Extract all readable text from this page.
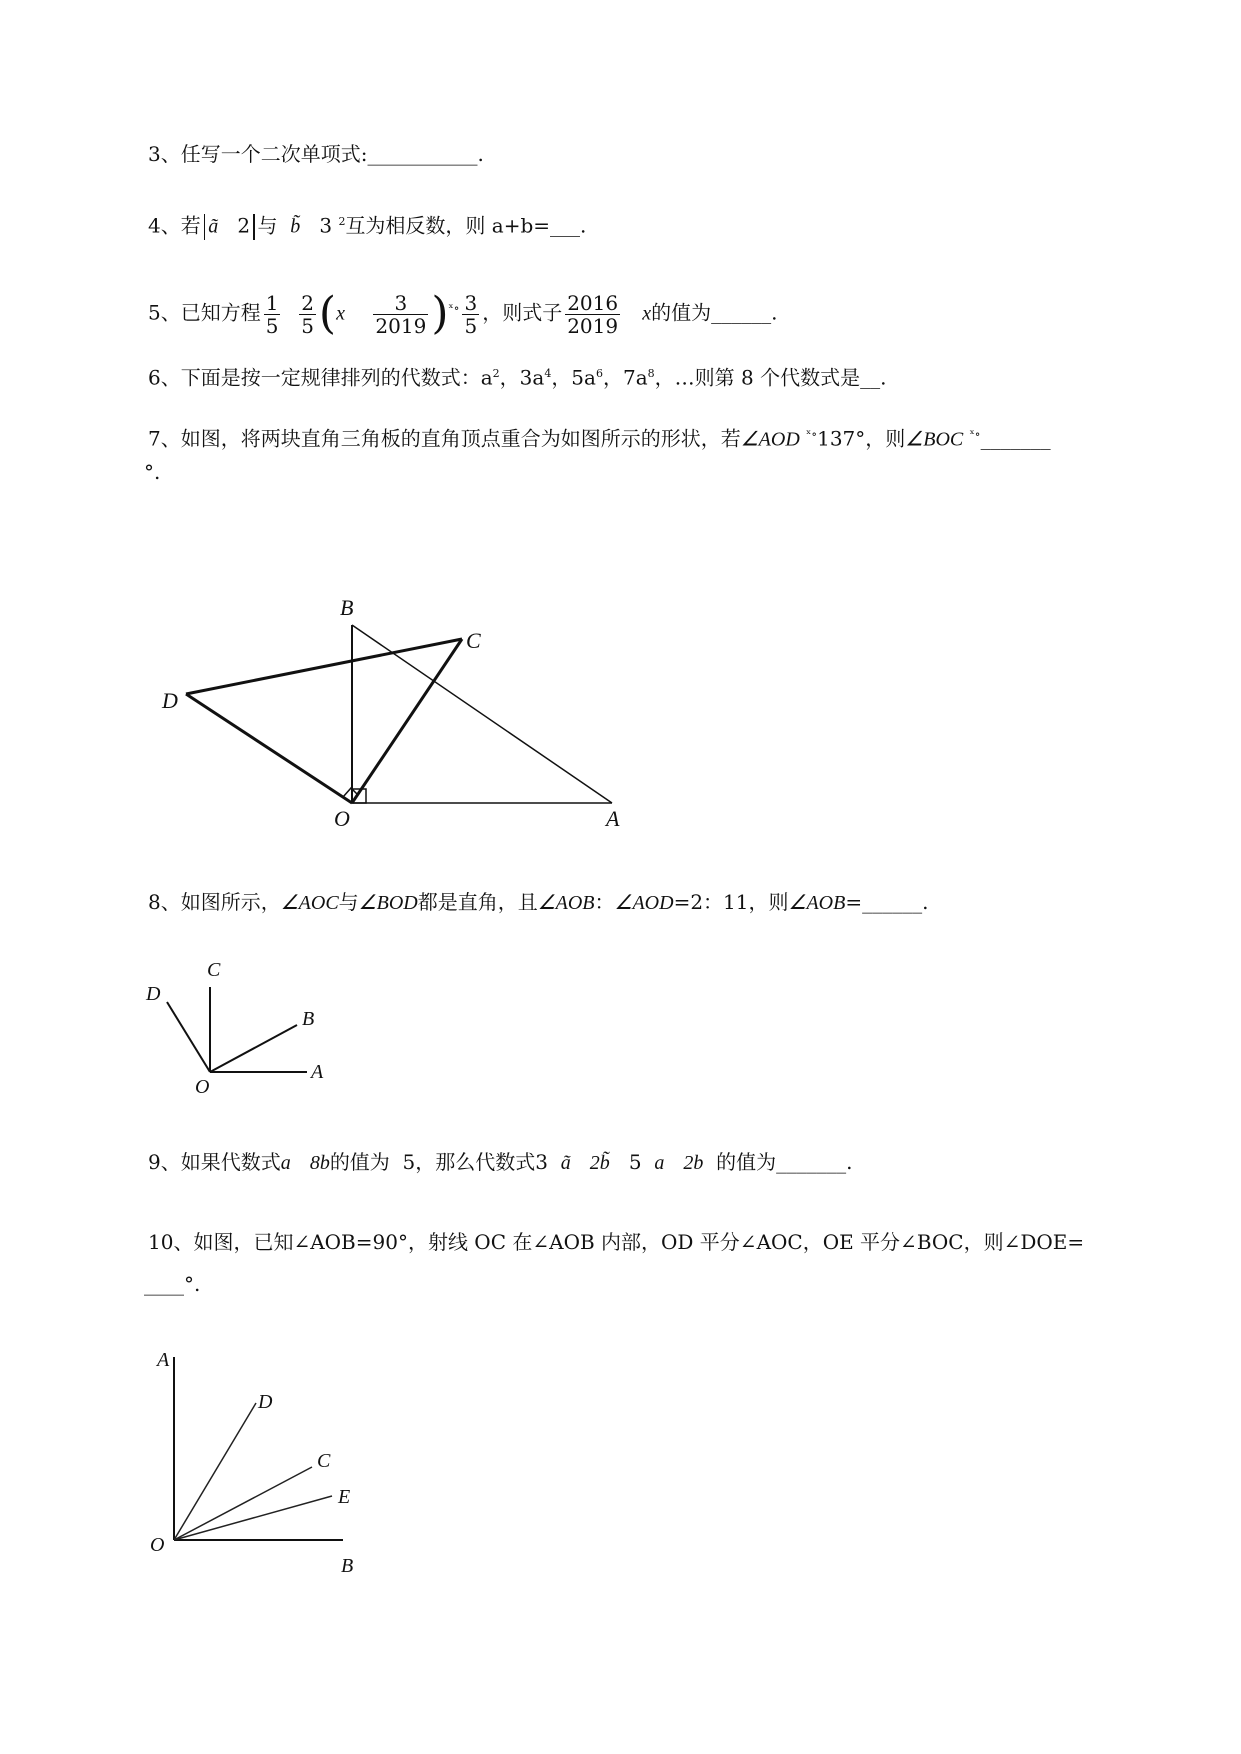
3、任写一个二次单项式:___________.
4、若 ã 2 与 b̃ 3 $^2$互为相反数，则 a+b=___.
5、已知方程 $\frac{1}{5}$
$\frac{2}{5} (x \frac{3}{2019} )^{ˣ\circ} \frac{3}{5}$ ，则式子 $\frac{2016}{2019}$ x的值为______.
6、下面是按一定规律排列的代数式：$a^2$，$3a^4$，$5a^6$，$7a^8$，…则第 8 个代数式是__.
7、如图，将两块直角三角板的直角顶点重合为如图所示的形状，若∠AOD $^{ˣ\circ}$137°，则∠BOC $^{ˣ\circ}$_______
°.
B
C
D
O	A
8、如图所示，∠AOC与∠BOD都是直角，且∠AOB：∠AOD=2：11，则∠AOB=______.
D
C
B
O
A
9、如果代数式a 8b的值为 5，那么代数式3 ã 2b̃ 5 a 2b 的值为_______.
10、如图，已知∠AOB=90°，射线 OC 在∠AOB 内部，OD 平分∠AOC，OE 平分∠BOC，则∠DOE=
____°.
A
D
C
E
O
B
